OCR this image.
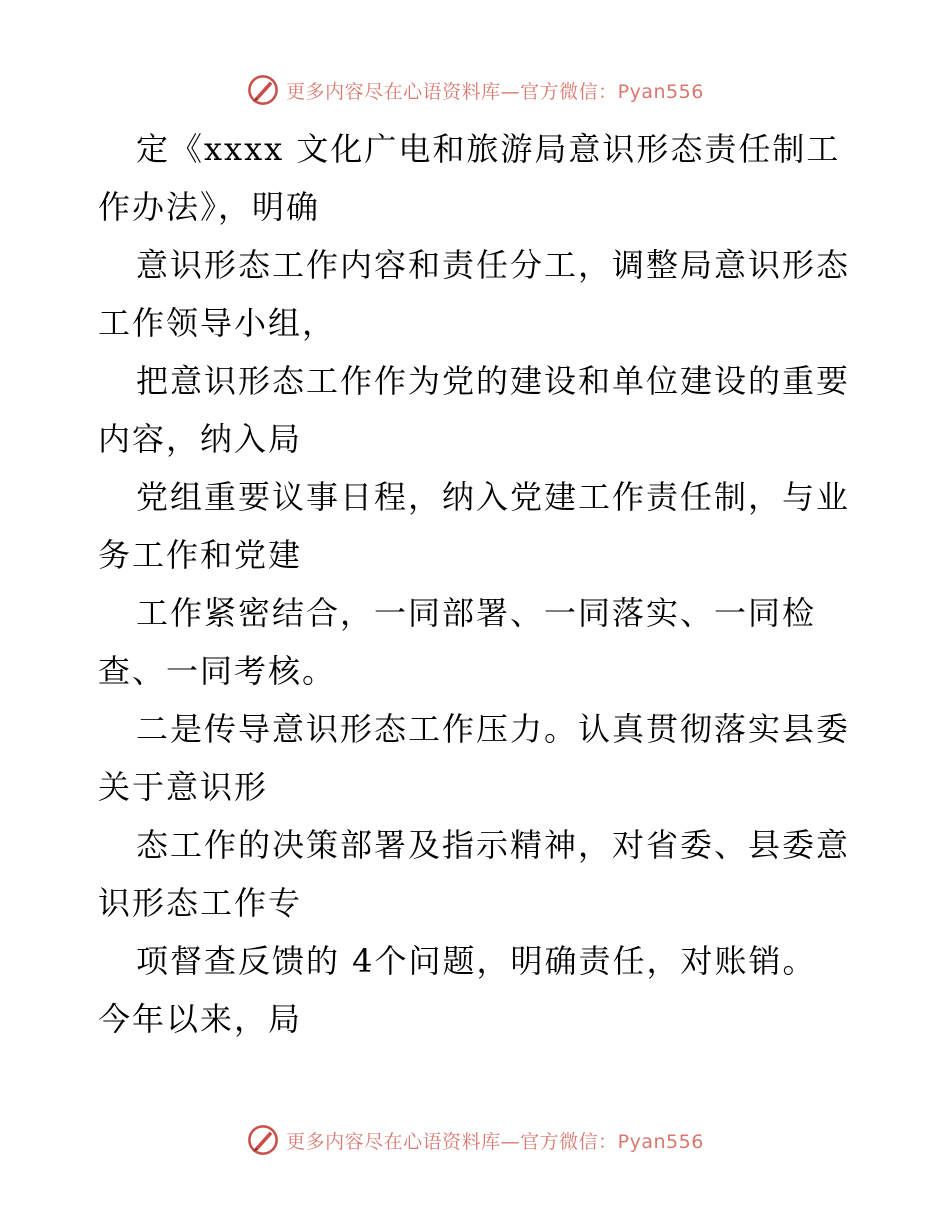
更多内容尽在心语资料库—官方微信：Pyan556
定《xxxx 文化广电和旅游局意识形态责任制工
作办法》，明确
意识形态工作内容和责任分工，调整局意识形态
工作领导小组，
把意识形态工作作为党的建设和单位建设的重要
内容，纳入局
党组重要议事日程，纳入党建工作责任制，与业
务工作和党建
工作紧密结合，一同部署、一同落实、一同检
查、一同考核。
二是传导意识形态工作压力。认真贯彻落实县委
关于意识形
态工作的决策部署及指示精神，对省委、县委意
识形态工作专
项督查反馈的 4个问题，明确责任，对账销。
今年以来，局
更多内容尽在心语资料库—官方微信：Pyan556
